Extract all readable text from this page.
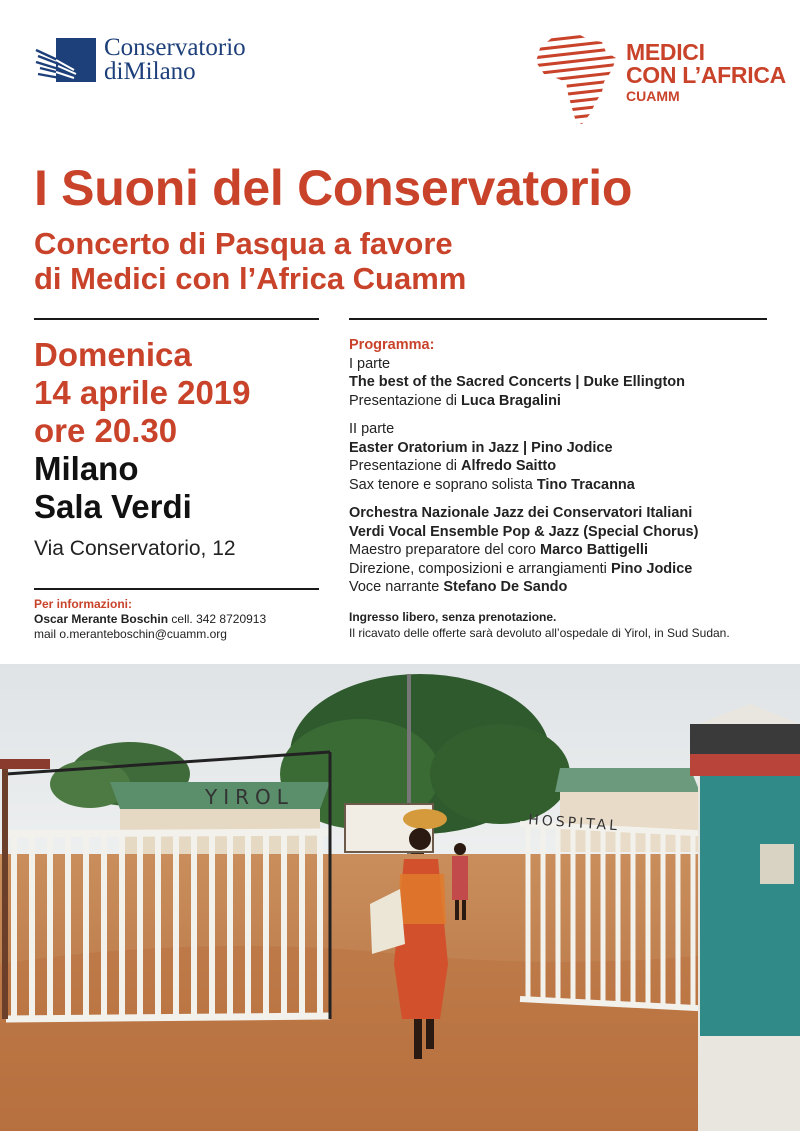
Conservatorio
diMilano
MEDICI
CON L’AFRICA
CUAMM
I Suoni del Conservatorio
Concerto di Pasqua a favore
di Medici con l’Africa Cuamm
Domenica
14 aprile 2019
ore 20.30
Milano
Sala Verdi
Via Conservatorio, 12
Per informazioni:
Oscar Merante Boschin cell. 342 8720913
mail o.meranteboschin@cuamm.org
Programma:
I parte
The best of the Sacred Concerts | Duke Ellington
Presentazione di Luca Bragalini
II parte
Easter Oratorium in Jazz | Pino Jodice
Presentazione di Alfredo Saitto
Sax tenore e soprano solista Tino Tracanna
Orchestra Nazionale Jazz dei Conservatori Italiani
Verdi Vocal Ensemble Pop & Jazz (Special Chorus)
Maestro preparatore del coro Marco Battigelli
Direzione, composizioni e arrangiamenti Pino Jodice
Voce narrante Stefano De Sando
Ingresso libero, senza prenotazione.
Il ricavato delle offerte sarà devoluto all’ospedale di Yirol, in Sud Sudan.
YIROL
HOSPITAL
